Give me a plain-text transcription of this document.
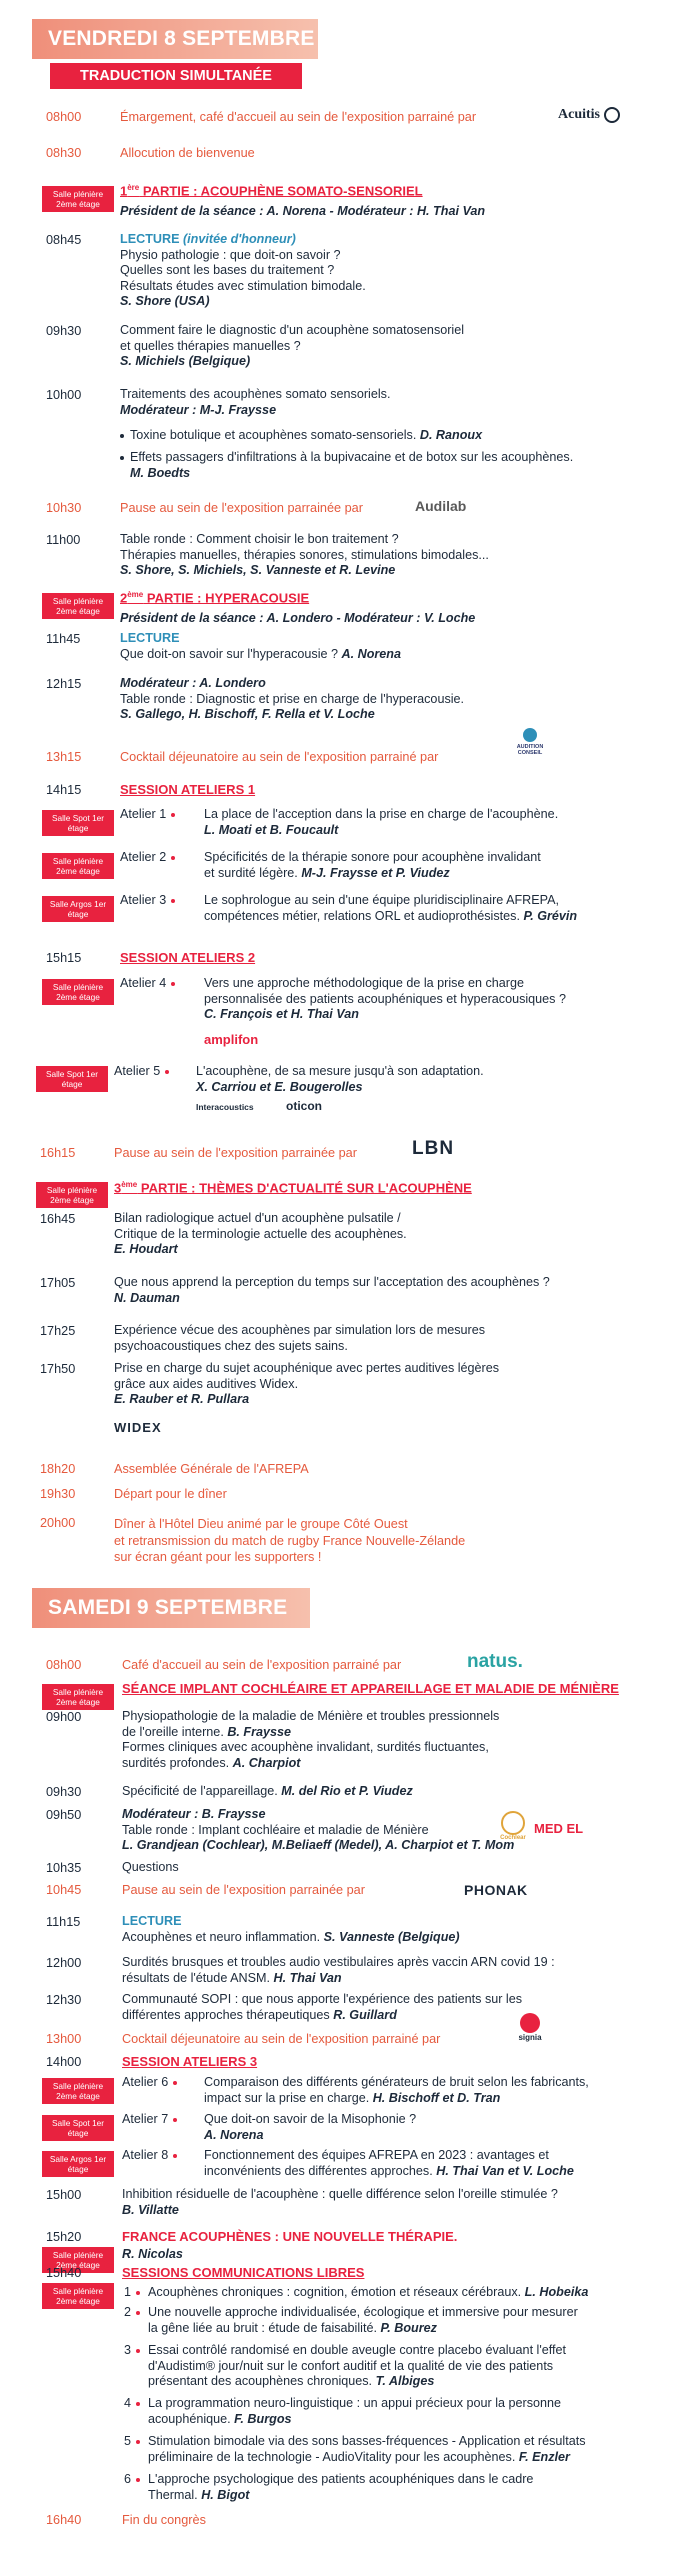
VENDREDI 8 SEPTEMBRE
TRADUCTION SIMULTANÉE
08h00	Émargement, café d'accueil au sein de l'exposition parrainé par	Acuitis
08h30	Allocution de bienvenue
Salle plénière 2ème étage
1ère PARTIE : ACOUPHÈNE SOMATO-SENSORIEL
Président de la séance : A. Norena - Modérateur : H. Thai Van
08h45	LECTURE (invitée d'honneur)
Physio pathologie : que doit-on savoir ?
Quelles sont les bases du traitement ?
Résultats études avec stimulation bimodale.
S. Shore (USA)
09h30	Comment faire le diagnostic d'un acouphène somatosensoriel
et quelles thérapies manuelles ?
S. Michiels (Belgique)
10h00	Traitements des acouphènes somato sensoriels.
Modérateur : M-J. Fraysse
Toxine botulique et acouphènes somato-sensoriels. D. Ranoux
Effets passagers d'infiltrations à la bupivacaine et de botox sur les acouphènes.
M. Boedts
10h30	Pause au sein de l'exposition parrainée par	Audilab
11h00	Table ronde : Comment choisir le bon traitement ?
Thérapies manuelles, thérapies sonores, stimulations bimodales...
S. Shore, S. Michiels, S. Vanneste et R. Levine
Salle plénière 2ème étage
2ème PARTIE : HYPERACOUSIE
Président de la séance : A. Londero - Modérateur : V. Loche
11h45	LECTURE
Que doit-on savoir sur l'hyperacousie ? A. Norena
12h15	Modérateur : A. Londero
Table ronde : Diagnostic et prise en charge de l'hyperacousie.
S. Gallego, H. Bischoff, F. Rella et V. Loche
13h15	Cocktail déjeunatoire au sein de l'exposition parrainé par
AUDITION CONSEIL
14h15	SESSION ATELIERS 1
Salle Spot 1er étage
Atelier 1	La place de l'acception dans la prise en charge de l'acouphène.
L. Moati et B. Foucault
Salle plénière 2ème étage
Atelier 2	Spécificités de la thérapie sonore pour acouphène invalidant
et surdité légère. M-J. Fraysse et P. Viudez
Salle Argos 1er étage
Atelier 3	Le sophrologue au sein d'une équipe pluridisciplinaire AFREPA,
compétences métier, relations ORL et audioprothésistes. P. Grévin
15h15	SESSION ATELIERS 2
Salle plénière 2ème étage
Atelier 4	Vers une approche méthodologique de la prise en charge
personnalisée des patients acouphéniques et hyperacousiques ?
C. François et H. Thai Van
amplifon
Salle Spot 1er étage
Atelier 5	L'acouphène, de sa mesure jusqu'à son adaptation.
X. Carriou et E. Bougerolles
Interacoustics	oticon
16h15	Pause au sein de l'exposition parrainée par	LBN
Salle plénière 2ème étage
3ème PARTIE : THÈMES D'ACTUALITÉ SUR L'ACOUPHÈNE
16h45	Bilan radiologique actuel d'un acouphène pulsatile /
Critique de la terminologie actuelle des acouphènes.
E. Houdart
17h05	Que nous apprend la perception du temps sur l'acceptation des acouphènes ?
N. Dauman
17h25	Expérience vécue des acouphènes par simulation lors de mesures
psychoacoustiques chez des sujets sains.
17h50	Prise en charge du sujet acouphénique avec pertes auditives légères
grâce aux aides auditives Widex.
E. Rauber et R. Pullara
WIDEX
18h20	Assemblée Générale de l'AFREPA
19h30	Départ pour le dîner
20h00	Dîner à l'Hôtel Dieu animé par le groupe Côté Ouest
et retransmission du match de rugby France Nouvelle-Zélande
sur écran géant pour les supporters !
SAMEDI 9 SEPTEMBRE
08h00	Café d'accueil au sein de l'exposition parrainé par	natus.
Salle plénière 2ème étage
SÉANCE IMPLANT COCHLÉAIRE ET APPAREILLAGE ET MALADIE DE MÉNIÈRE
09h00	Physiopathologie de la maladie de Ménière et troubles pressionnels
de l'oreille interne. B. Fraysse
Formes cliniques avec acouphène invalidant, surdités fluctuantes,
surdités profondes. A. Charpiot
09h30	Spécificité de l'appareillage. M. del Rio et P. Viudez
09h50	Modérateur : B. Fraysse
Table ronde : Implant cochléaire et maladie de Ménière
L. Grandjean (Cochlear), M.Beliaeff (Medel), A. Charpiot et T. Mom
Cochlear
MED EL
10h35	Questions
10h45	Pause au sein de l'exposition parrainée par	PHONAK
11h15	LECTURE
Acouphènes et neuro inflammation. S. Vanneste (Belgique)
12h00	Surdités brusques et troubles audio vestibulaires après vaccin ARN covid 19 :
résultats de l'étude ANSM. H. Thai Van
12h30	Communauté SOPI : que nous apporte l'expérience des patients sur les
différentes approches thérapeutiques R. Guillard
13h00	Cocktail déjeunatoire au sein de l'exposition parrainé par	signia
14h00	SESSION ATELIERS 3
Salle plénière 2ème étage
Atelier 6	Comparaison des différents générateurs de bruit selon les fabricants,
impact sur la prise en charge. H. Bischoff et D. Tran
Salle Spot 1er étage
Atelier 7	Que doit-on savoir de la Misophonie ?
A. Norena
Salle Argos 1er étage
Atelier 8	Fonctionnement des équipes AFREPA en 2023 : avantages et
inconvénients des différentes approches. H. Thai Van et V. Loche
15h00	Inhibition résiduelle de l'acouphène : quelle différence selon l'oreille stimulée ?
B. Villatte
15h20	FRANCE ACOUPHÈNES : UNE NOUVELLE THÉRAPIE.
Salle plénière 2ème étage
R. Nicolas
15h40	SESSIONS COMMUNICATIONS LIBRES
Salle plénière 2ème étage
1 Acouphènes chroniques : cognition, émotion et réseaux cérébraux. L. Hobeika
2 Une nouvelle approche individualisée, écologique et immersive pour mesurer
la gêne liée au bruit : étude de faisabilité. P. Bourez
3 Essai contrôlé randomisé en double aveugle contre placebo évaluant l'effet
d'Audistim® jour/nuit sur le confort auditif et la qualité de vie des patients
présentant des acouphènes chroniques. T. Albiges
4 La programmation neuro-linguistique : un appui précieux pour la personne
acouphénique. F. Burgos
5 Stimulation bimodale via des sons basses-fréquences - Application et résultats
préliminaire de la technologie - AudioVitality pour les acouphènes. F. Enzler
6 L'approche psychologique des patients acouphéniques dans le cadre
Thermal. H. Bigot
16h40	Fin du congrès
